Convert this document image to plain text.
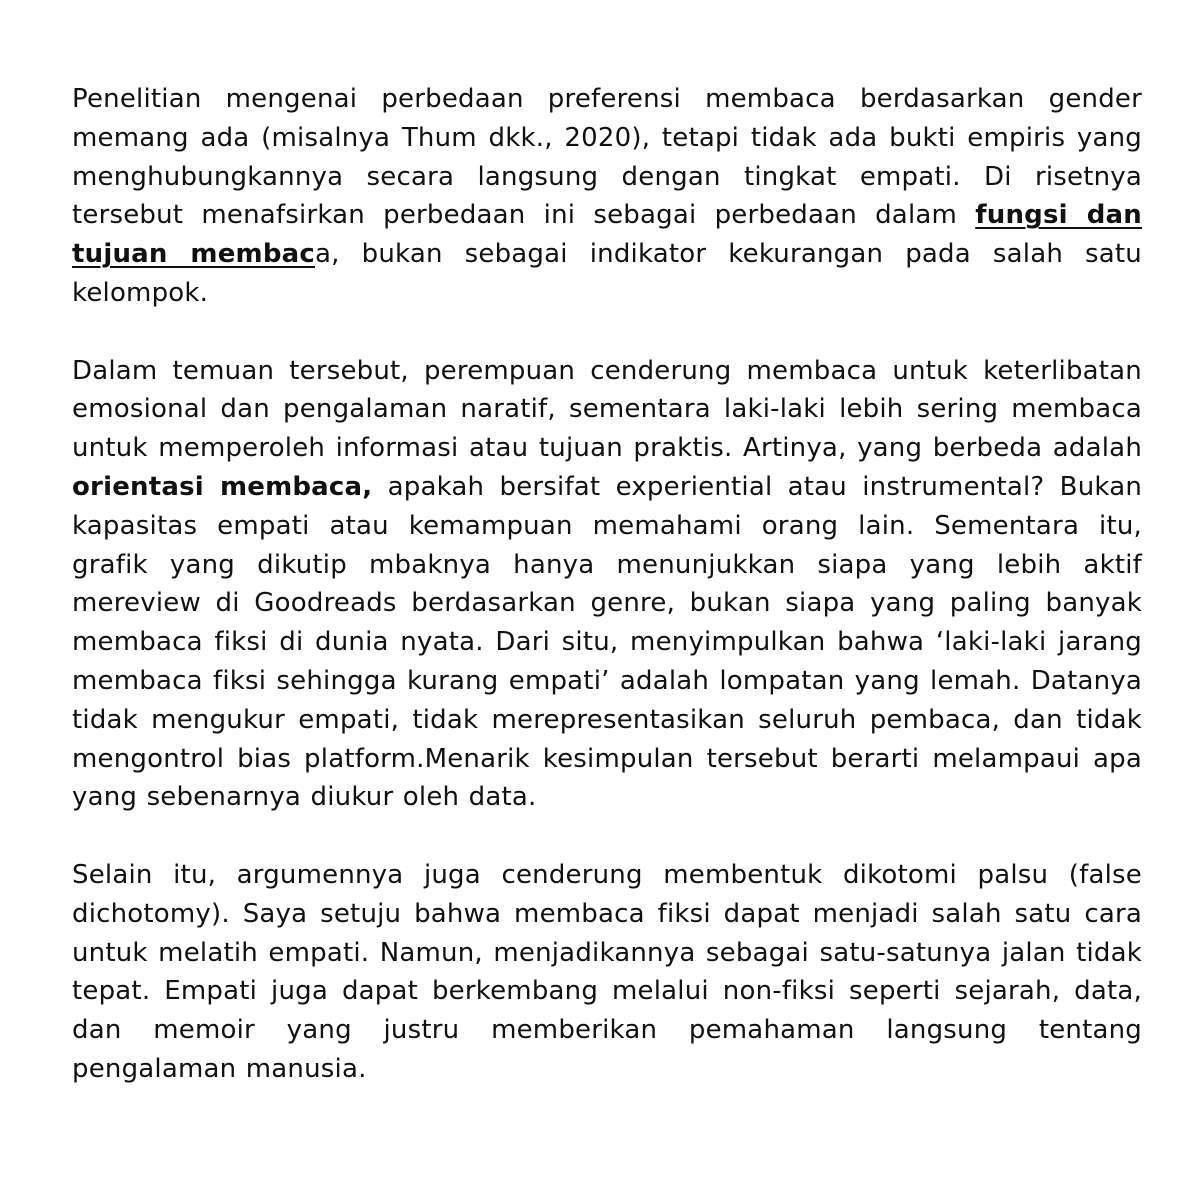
Penelitian mengenai perbedaan preferensi membaca berdasarkan gender memang ada (misalnya Thum dkk., 2020), tetapi tidak ada bukti empiris yang menghubungkannya secara langsung dengan tingkat empati. Di risetnya tersebut menafsirkan perbedaan ini sebagai perbedaan dalam fungsi dan tujuan membaca, bukan sebagai indikator kekurangan pada salah satu kelompok.

Dalam temuan tersebut, perempuan cenderung membaca untuk keterlibatan emosional dan pengalaman naratif, sementara laki-laki lebih sering membaca untuk memperoleh informasi atau tujuan praktis. Artinya, yang berbeda adalah orientasi membaca, apakah bersifat experiential atau instrumental? Bukan kapasitas empati atau kemampuan memahami orang lain. Sementara itu, grafik yang dikutip mbaknya hanya menunjukkan siapa yang lebih aktif mereview di Goodreads berdasarkan genre, bukan siapa yang paling banyak membaca fiksi di dunia nyata. Dari situ, menyimpulkan bahwa ‘laki-laki jarang membaca fiksi sehingga kurang empati’ adalah lompatan yang lemah. Datanya tidak mengukur empati, tidak merepresentasikan seluruh pembaca, dan tidak mengontrol bias platform.Menarik kesimpulan tersebut berarti melampaui apa yang sebenarnya diukur oleh data.

Selain itu, argumennya juga cenderung membentuk dikotomi palsu (false dichotomy). Saya setuju bahwa membaca fiksi dapat menjadi salah satu cara untuk melatih empati. Namun, menjadikannya sebagai satu-satunya jalan tidak tepat. Empati juga dapat berkembang melalui non-fiksi seperti sejarah, data, dan memoir yang justru memberikan pemahaman langsung tentang pengalaman manusia.
